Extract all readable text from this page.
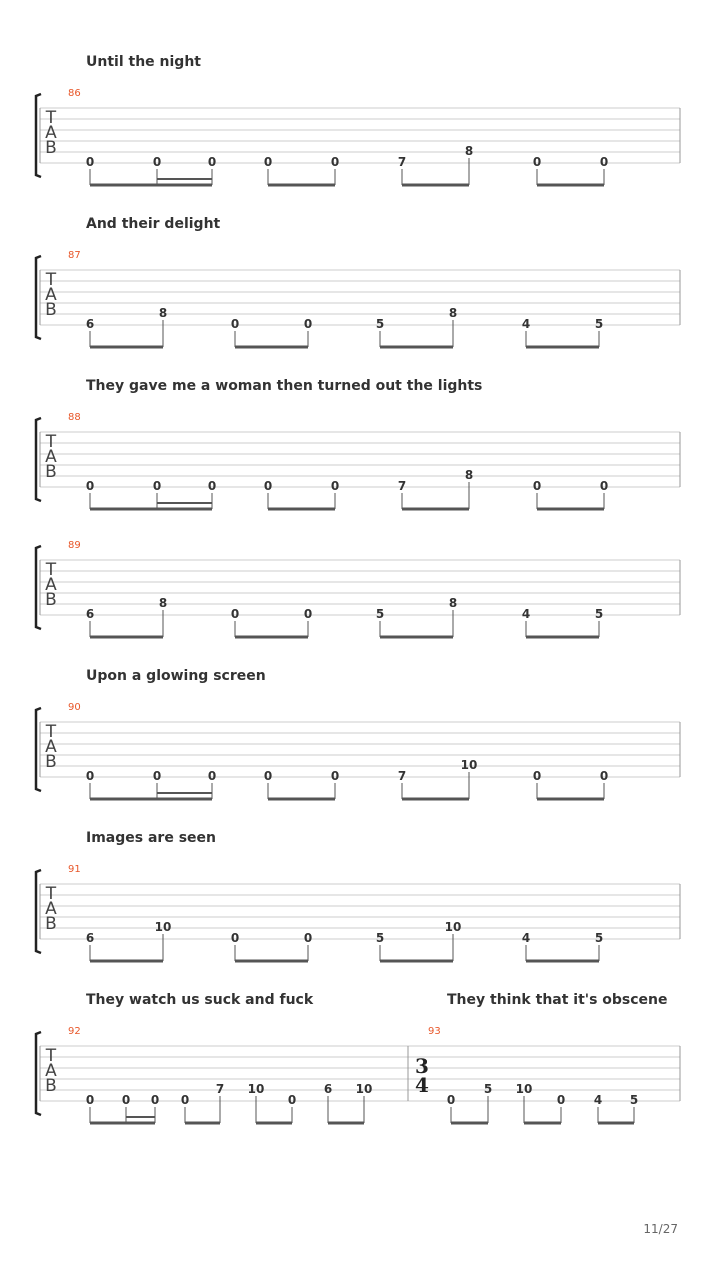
Until the night
And their delight
They gave me a woman then turned out the lights
Upon a glowing screen
Images are seen
They watch us suck and fuck	They think that it's obscene
T
A
B
86
0	0	0	0	0	7
8
0	0
T
A
B
87
6
8
0	0	5
8
4	5
T
A
B
88
0	0	0	0	0	7
8
0	0
T
A
B
89
6
8
0	0	5
8
4	5
T
A
B
90
0	0	0	0	0	7
10
0	0
T
A
B
91
6
10
0	0	5
10
4	5
T
A
B
92
0 0 0 0
7 10
0
6 10
93
3
4
0
5 10
0 4 5
11/27
